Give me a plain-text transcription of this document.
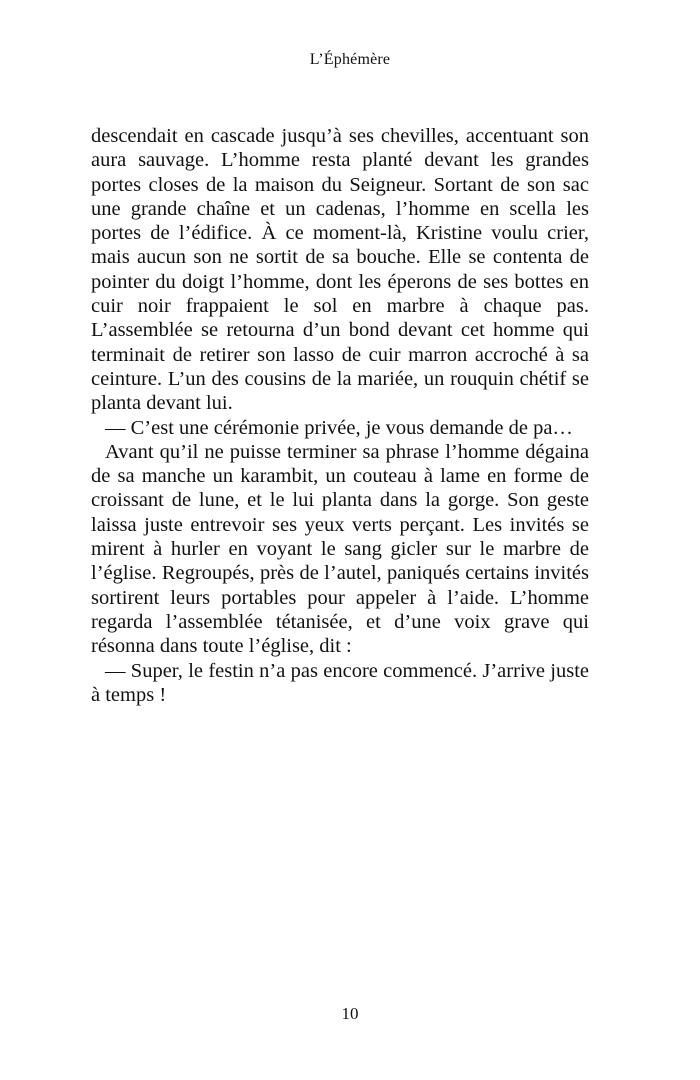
L’Éphémère

descendait en cascade jusqu’à ses chevilles, accentuant son aura sauvage. L’homme resta planté devant les grandes portes closes de la maison du Seigneur. Sortant de son sac une grande chaîne et un cadenas, l’homme en scella les portes de l’édifice. À ce moment-là, Kristine voulu crier, mais aucun son ne sortit de sa bouche. Elle se contenta de pointer du doigt l’homme, dont les éperons de ses bottes en cuir noir frappaient le sol en marbre à chaque pas. L’assemblée se retourna d’un bond devant cet homme qui terminait de retirer son lasso de cuir marron accroché à sa ceinture. L’un des cousins de la mariée, un rouquin chétif se planta devant lui.

— C’est une cérémonie privée, je vous demande de pa…

Avant qu’il ne puisse terminer sa phrase l’homme dégaina de sa manche un karambit, un couteau à lame en forme de croissant de lune, et le lui planta dans la gorge. Son geste laissa juste entrevoir ses yeux verts perçant. Les invités se mirent à hurler en voyant le sang gicler sur le marbre de l’église. Regroupés, près de l’autel, paniqués certains invités sortirent leurs portables pour appeler à l’aide. L’homme regarda l’assemblée tétanisée, et d’une voix grave qui résonna dans toute l’église, dit :

— Super, le festin n’a pas encore commencé. J’arrive juste à temps !

10
